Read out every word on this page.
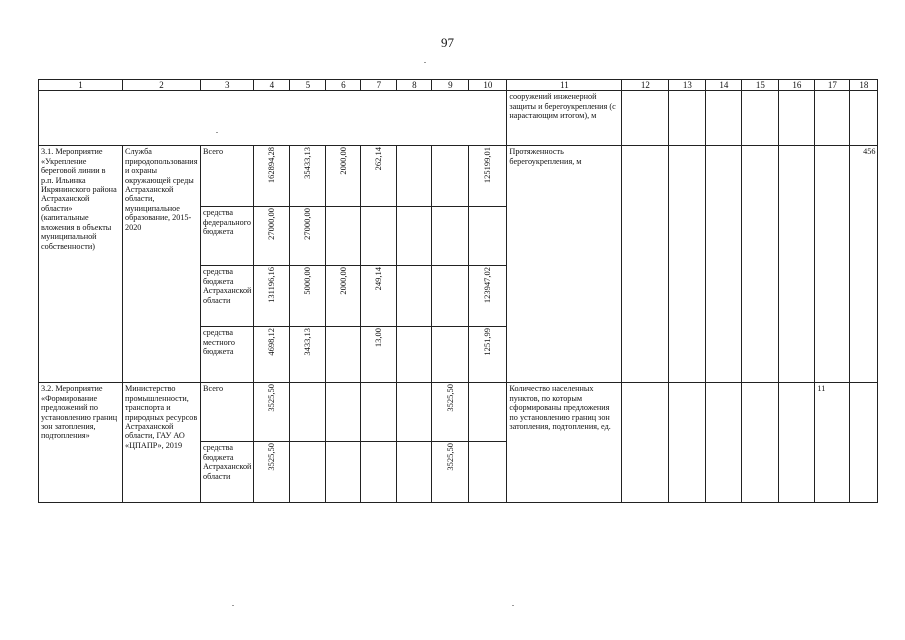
97
1	2	3	4	5	6	7	8	9	10	11	12	13	14	15	16	17	18
										сооружений инженерной защиты и берегоукрепления (с нарастающим итогом), м							
3.1. Мероприятие «Укрепление береговой линии в р.п. Ильинка Икрянинского района Астраханской области» (капитальные вложения в объекты муниципальной собственности)	Служба природопользования и охраны окружающей среды Астраханской области, муниципальное образование, 2015-2020	Всего	162894,28	35433,13	2000,00	262,14			125199,01	Протяженность берегоукрепления, м							456
		средства федерального бюджета	27000,00	27000,00													
		средства бюджета Астраханской области	131196,16	5000,00	2000,00	249,14			123947,02								
		средства местного бюджета	4698,12	3433,13		13,00			1251,99								
3.2. Мероприятие «Формирование предложений по установлению границ зон затопления, подтопления»	Министерство промышленности, транспорта и природных ресурсов Астраханской области, ГАУ АО «ЦПАПР», 2019	Всего	3525,50					3525,50		Количество населенных пунктов, по которым сформированы предложения по установлению границ зон затопления, подтопления, ед.						11	
		средства бюджета Астраханской области	3525,50					3525,50									
